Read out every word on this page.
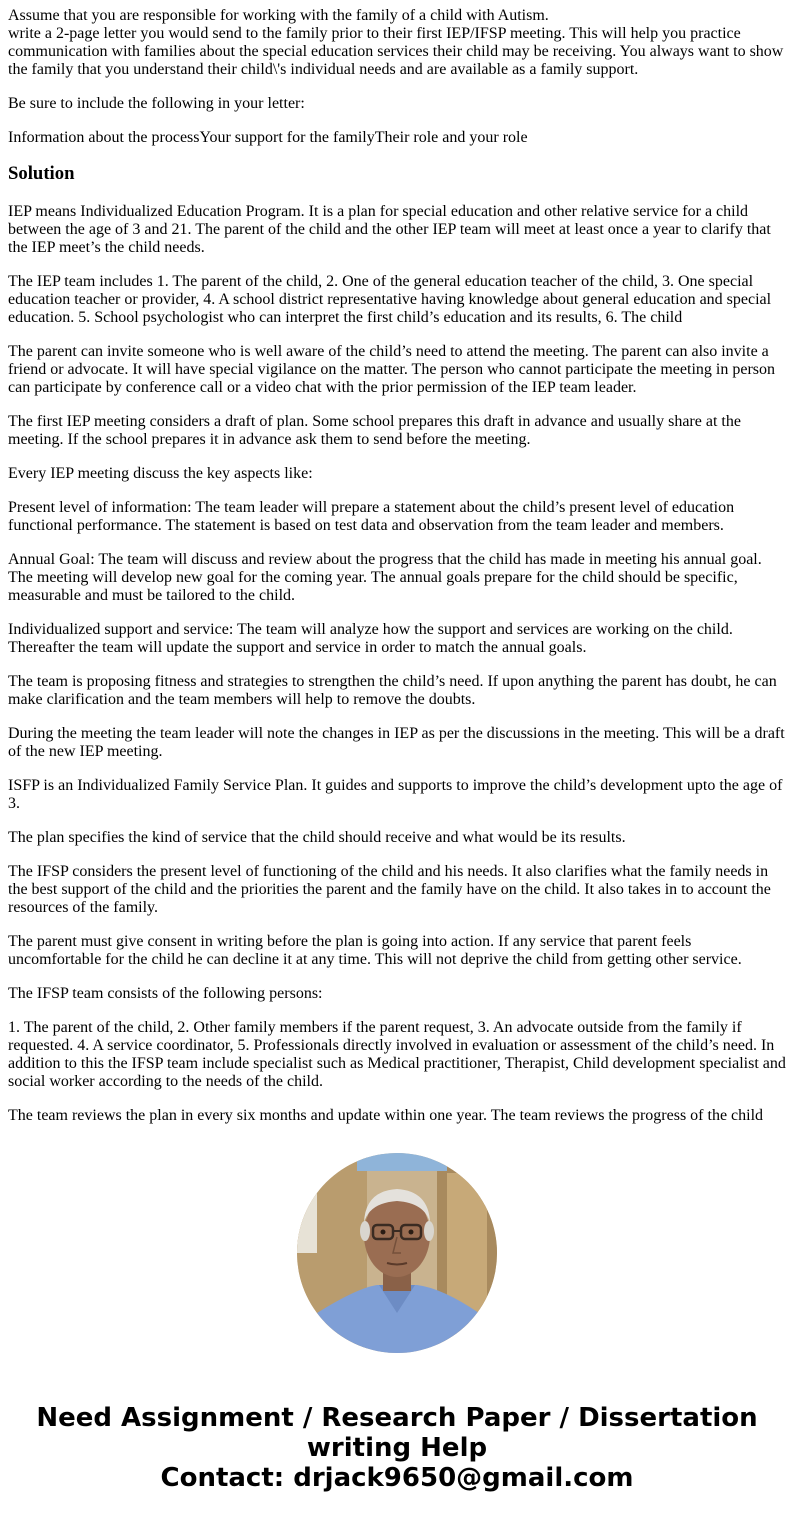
Assume that you are responsible for working with the family of a child with Autism.
write a 2-page letter you would send to the family prior to their first IEP/IFSP meeting. This will help you practice communication with families about the special education services their child may be receiving. You always want to show the family that you understand their child\'s individual needs and are available as a family support.

Be sure to include the following in your letter:

Information about the processYour support for the familyTheir role and your role

Solution

IEP means Individualized Education Program. It is a plan for special education and other relative service for a child between the age of 3 and 21. The parent of the child and the other IEP team will meet at least once a year to clarify that the IEP meet’s the child needs.

The IEP team includes 1. The parent of the child, 2. One of the general education teacher of the child, 3. One special education teacher or provider, 4. A school district representative having knowledge about general education and special education. 5. School psychologist who can interpret the first child’s education and its results, 6. The child

The parent can invite someone who is well aware of the child’s need to attend the meeting. The parent can also invite a friend or advocate. It will have special vigilance on the matter. The person who cannot participate the meeting in person can participate by conference call or a video chat with the prior permission of the IEP team leader.

The first IEP meeting considers a draft of plan. Some school prepares this draft in advance and usually share at the meeting. If the school prepares it in advance ask them to send before the meeting.

Every IEP meeting discuss the key aspects like:

Present level of information: The team leader will prepare a statement about the child’s present level of education functional performance. The statement is based on test data and observation from the team leader and members.

Annual Goal: The team will discuss and review about the progress that the child has made in meeting his annual goal. The meeting will develop new goal for the coming year. The annual goals prepare for the child should be specific, measurable and must be tailored to the child.

Individualized support and service: The team will analyze how the support and services are working on the child. Thereafter the team will update the support and service in order to match the annual goals.

The team is proposing fitness and strategies to strengthen the child’s need. If upon anything the parent has doubt, he can make clarification and the team members will help to remove the doubts.

During the meeting the team leader will note the changes in IEP as per the discussions in the meeting. This will be a draft of the new IEP meeting.

ISFP is an Individualized Family Service Plan. It guides and supports to improve the child’s development upto the age of 3.

The plan specifies the kind of service that the child should receive and what would be its results.

The IFSP considers the present level of functioning of the child and his needs. It also clarifies what the family needs in the best support of the child and the priorities the parent and the family have on the child. It also takes in to account the resources of the family.

The parent must give consent in writing before the plan is going into action. If any service that parent feels uncomfortable for the child he can decline it at any time. This will not deprive the child from getting other service.

The IFSP team consists of the following persons:

1. The parent of the child, 2. Other family members if the parent request, 3. An advocate outside from the family if requested. 4. A service coordinator, 5. Professionals directly involved in evaluation or assessment of the child’s need. In addition to this the IFSP team include specialist such as Medical practitioner, Therapist, Child development specialist and social worker according to the needs of the child.

The team reviews the plan in every six months and update within one year. The team reviews the progress of the child

Need Assignment / Research Paper / Dissertation
writing Help
Contact: drjack9650@gmail.com
